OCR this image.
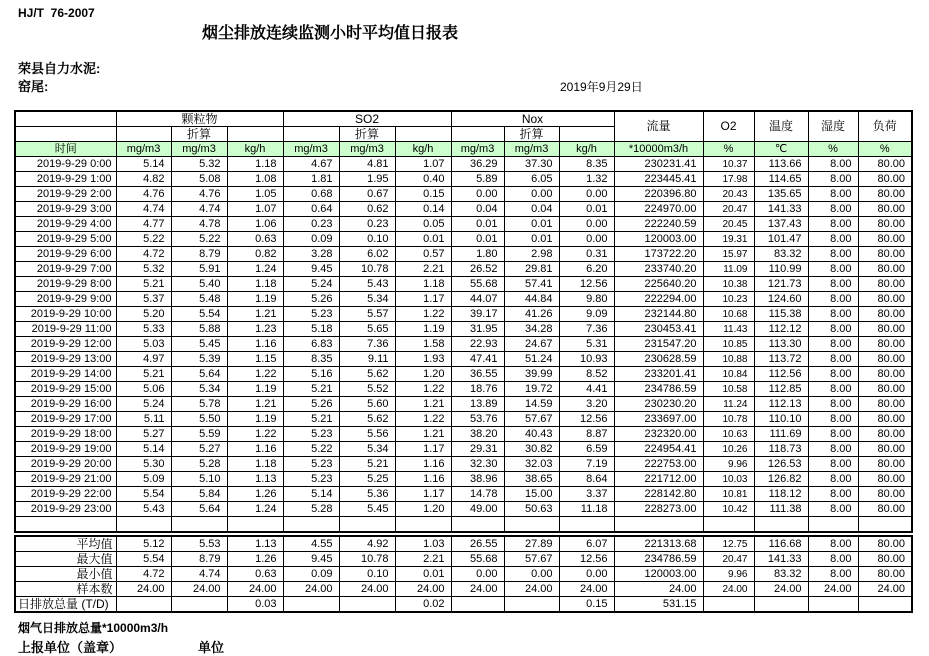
HJ/T  76-2007
烟尘排放连续监测小时平均值日报表
荣县自力水泥:
窑尾:	2019年9月29日
	颗粒物			SO2			Nox			流量	O2	温度	湿度	负荷
		折算			折算			折算						
时间	mg/m3	mg/m3	kg/h	mg/m3	mg/m3	kg/h	mg/m3	mg/m3	kg/h	*10000m3/h	%	℃	%	%
2019-9-29 0:00	5.14	5.32	1.18	4.67	4.81	1.07	36.29	37.30	8.35	230231.41	10.37	113.66	8.00	80.00
2019-9-29 1:00	4.82	5.08	1.08	1.81	1.95	0.40	5.89	6.05	1.32	223445.41	17.98	114.65	8.00	80.00
2019-9-29 2:00	4.76	4.76	1.05	0.68	0.67	0.15	0.00	0.00	0.00	220396.80	20.43	135.65	8.00	80.00
2019-9-29 3:00	4.74	4.74	1.07	0.64	0.62	0.14	0.04	0.04	0.01	224970.00	20.47	141.33	8.00	80.00
2019-9-29 4:00	4.77	4.78	1.06	0.23	0.23	0.05	0.01	0.01	0.00	222240.59	20.45	137.43	8.00	80.00
2019-9-29 5:00	5.22	5.22	0.63	0.09	0.10	0.01	0.01	0.01	0.00	120003.00	19.31	101.47	8.00	80.00
2019-9-29 6:00	4.72	8.79	0.82	3.28	6.02	0.57	1.80	2.98	0.31	173722.20	15.97	83.32	8.00	80.00
2019-9-29 7:00	5.32	5.91	1.24	9.45	10.78	2.21	26.52	29.81	6.20	233740.20	11.09	110.99	8.00	80.00
2019-9-29 8:00	5.21	5.40	1.18	5.24	5.43	1.18	55.68	57.41	12.56	225640.20	10.38	121.73	8.00	80.00
2019-9-29 9:00	5.37	5.48	1.19	5.26	5.34	1.17	44.07	44.84	9.80	222294.00	10.23	124.60	8.00	80.00
2019-9-29 10:00	5.20	5.54	1.21	5.23	5.57	1.22	39.17	41.26	9.09	232144.80	10.68	115.38	8.00	80.00
2019-9-29 11:00	5.33	5.88	1.23	5.18	5.65	1.19	31.95	34.28	7.36	230453.41	11.43	112.12	8.00	80.00
2019-9-29 12:00	5.03	5.45	1.16	6.83	7.36	1.58	22.93	24.67	5.31	231547.20	10.85	113.30	8.00	80.00
2019-9-29 13:00	4.97	5.39	1.15	8.35	9.11	1.93	47.41	51.24	10.93	230628.59	10.88	113.72	8.00	80.00
2019-9-29 14:00	5.21	5.64	1.22	5.16	5.62	1.20	36.55	39.99	8.52	233201.41	10.84	112.56	8.00	80.00
2019-9-29 15:00	5.06	5.34	1.19	5.21	5.52	1.22	18.76	19.72	4.41	234786.59	10.58	112.85	8.00	80.00
2019-9-29 16:00	5.24	5.78	1.21	5.26	5.60	1.21	13.89	14.59	3.20	230230.20	11.24	112.13	8.00	80.00
2019-9-29 17:00	5.11	5.50	1.19	5.21	5.62	1.22	53.76	57.67	12.56	233697.00	10.78	110.10	8.00	80.00
2019-9-29 18:00	5.27	5.59	1.22	5.23	5.56	1.21	38.20	40.43	8.87	232320.00	10.63	111.69	8.00	80.00
2019-9-29 19:00	5.14	5.27	1.16	5.22	5.34	1.17	29.31	30.82	6.59	224954.41	10.26	118.73	8.00	80.00
2019-9-29 20:00	5.30	5.28	1.18	5.23	5.21	1.16	32.30	32.03	7.19	222753.00	9.96	126.53	8.00	80.00
2019-9-29 21:00	5.09	5.10	1.13	5.23	5.25	1.16	38.96	38.65	8.64	221712.00	10.03	126.82	8.00	80.00
2019-9-29 22:00	5.54	5.84	1.26	5.14	5.36	1.17	14.78	15.00	3.37	228142.80	10.81	118.12	8.00	80.00
2019-9-29 23:00	5.43	5.64	1.24	5.28	5.45	1.20	49.00	50.63	11.18	228273.00	10.42	111.38	8.00	80.00

平均值	5.12	5.53	1.13	4.55	4.92	1.03	26.55	27.89	6.07	221313.68	12.75	116.68	8.00	80.00
最大值	5.54	8.79	1.26	9.45	10.78	2.21	55.68	57.67	12.56	234786.59	20.47	141.33	8.00	80.00
最小值	4.72	4.74	0.63	0.09	0.10	0.01	0.00	0.00	0.00	120003.00	9.96	83.32	8.00	80.00
样本数	24.00	24.00	24.00	24.00	24.00	24.00	24.00	24.00	24.00	24.00	24.00	24.00	24.00	24.00
日排放总量 (T/D)			0.03			0.02			0.15	531.15				
烟气日排放总量*10000m3/h
上报单位（盖章）	单位
